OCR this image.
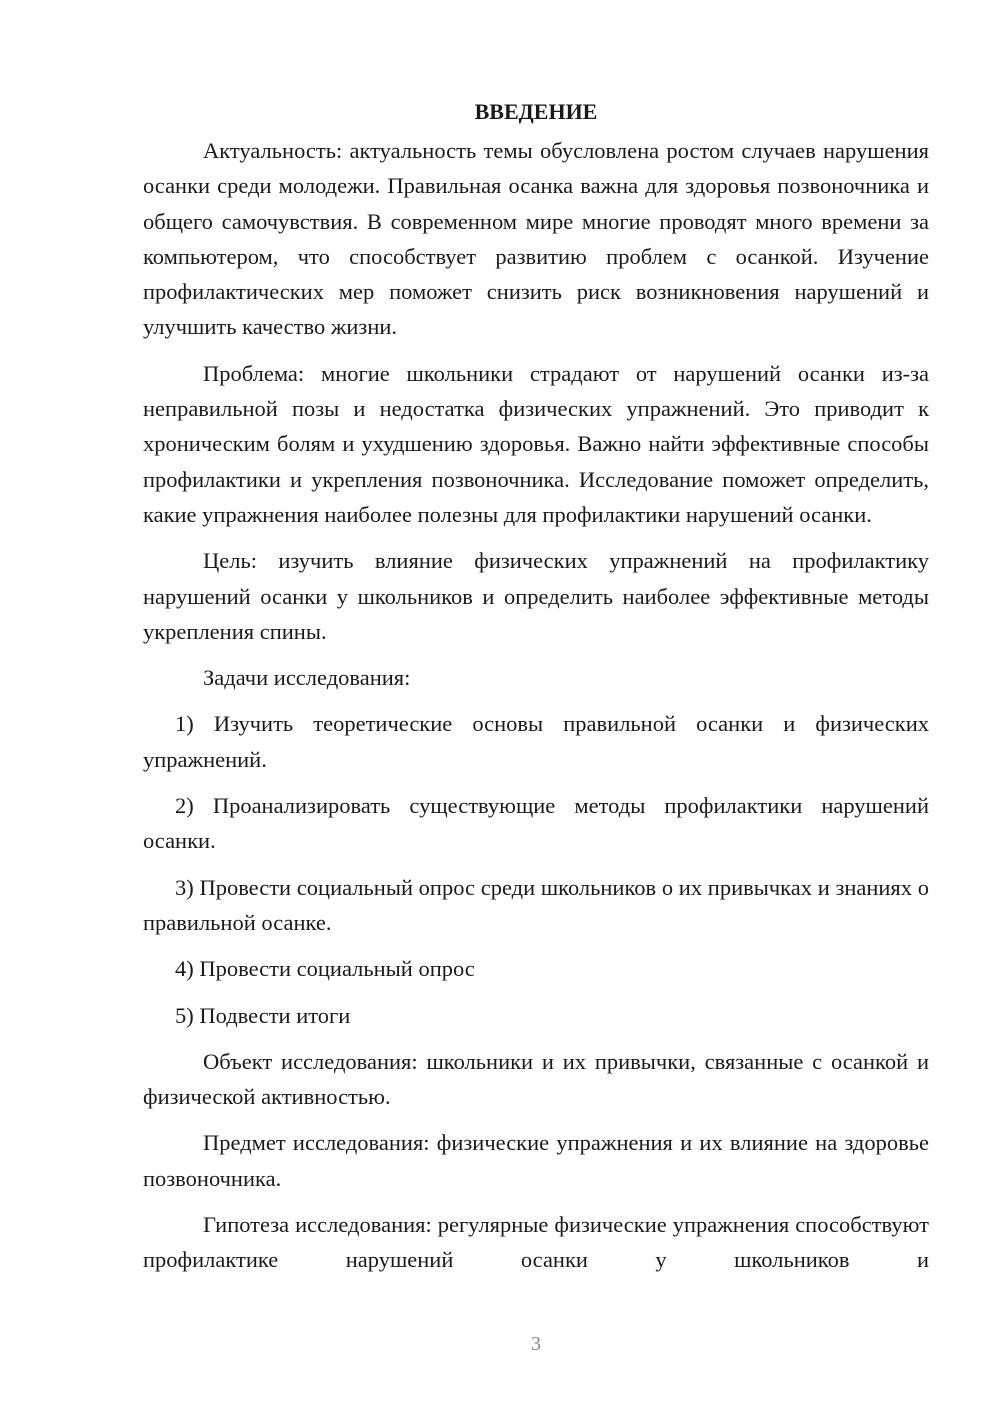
ВВЕДЕНИЕ

Актуальность: актуальность темы обусловлена ростом случаев нарушения осанки среди молодежи. Правильная осанка важна для здоровья позвоночника и общего самочувствия. В современном мире многие проводят много времени за компьютером, что способствует развитию проблем с осанкой. Изучение профилактических мер поможет снизить риск возникновения нарушений и улучшить качество жизни.

Проблема: многие школьники страдают от нарушений осанки из-за неправильной позы и недостатка физических упражнений. Это приводит к хроническим болям и ухудшению здоровья. Важно найти эффективные способы профилактики и укрепления позвоночника. Исследование поможет определить, какие упражнения наиболее полезны для профилактики нарушений осанки.

Цель: изучить влияние физических упражнений на профилактику нарушений осанки у школьников и определить наиболее эффективные методы укрепления спины.

Задачи исследования:

1) Изучить теоретические основы правильной осанки и физических упражнений.

2) Проанализировать существующие методы профилактики нарушений осанки.

3) Провести социальный опрос среди школьников о их привычках и знаниях о правильной осанке.

4) Провести социальный опрос

5) Подвести итоги

Объект исследования: школьники и их привычки, связанные с осанкой и физической активностью.

Предмет исследования: физические упражнения и их влияние на здоровье позвоночника.

Гипотеза исследования: регулярные физические упражнения способствуют профилактике нарушений осанки у школьников и

3
